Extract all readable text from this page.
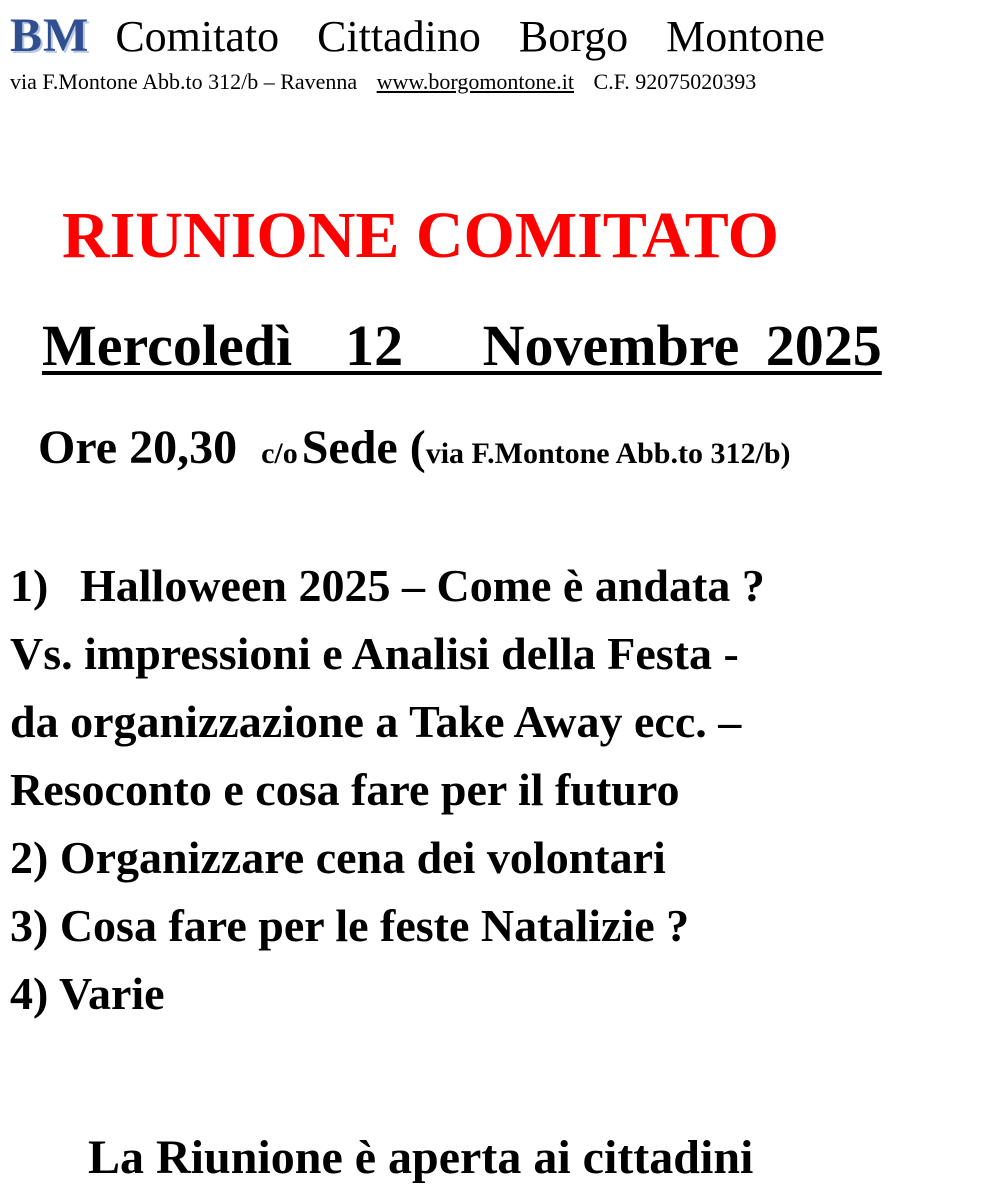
BM Comitato  Cittadino  Borgo  Montone
via F.Montone Abb.to 312/b – Ravenna www.borgomontone.it C.F. 92075020393
RIUNIONE COMITATO
Mercoledì  12   Novembre 2025
Ore 20,30 c/o Sede (via F.Montone Abb.to 312/b)
1) Halloween 2025 – Come è andata ?
Vs. impressioni e Analisi della Festa -
da organizzazione a Take Away ecc. –
Resoconto e cosa fare per il futuro
2) Organizzare cena dei volontari
3) Cosa fare per le feste Natalizie ?
4) Varie
La Riunione è aperta ai cittadini
